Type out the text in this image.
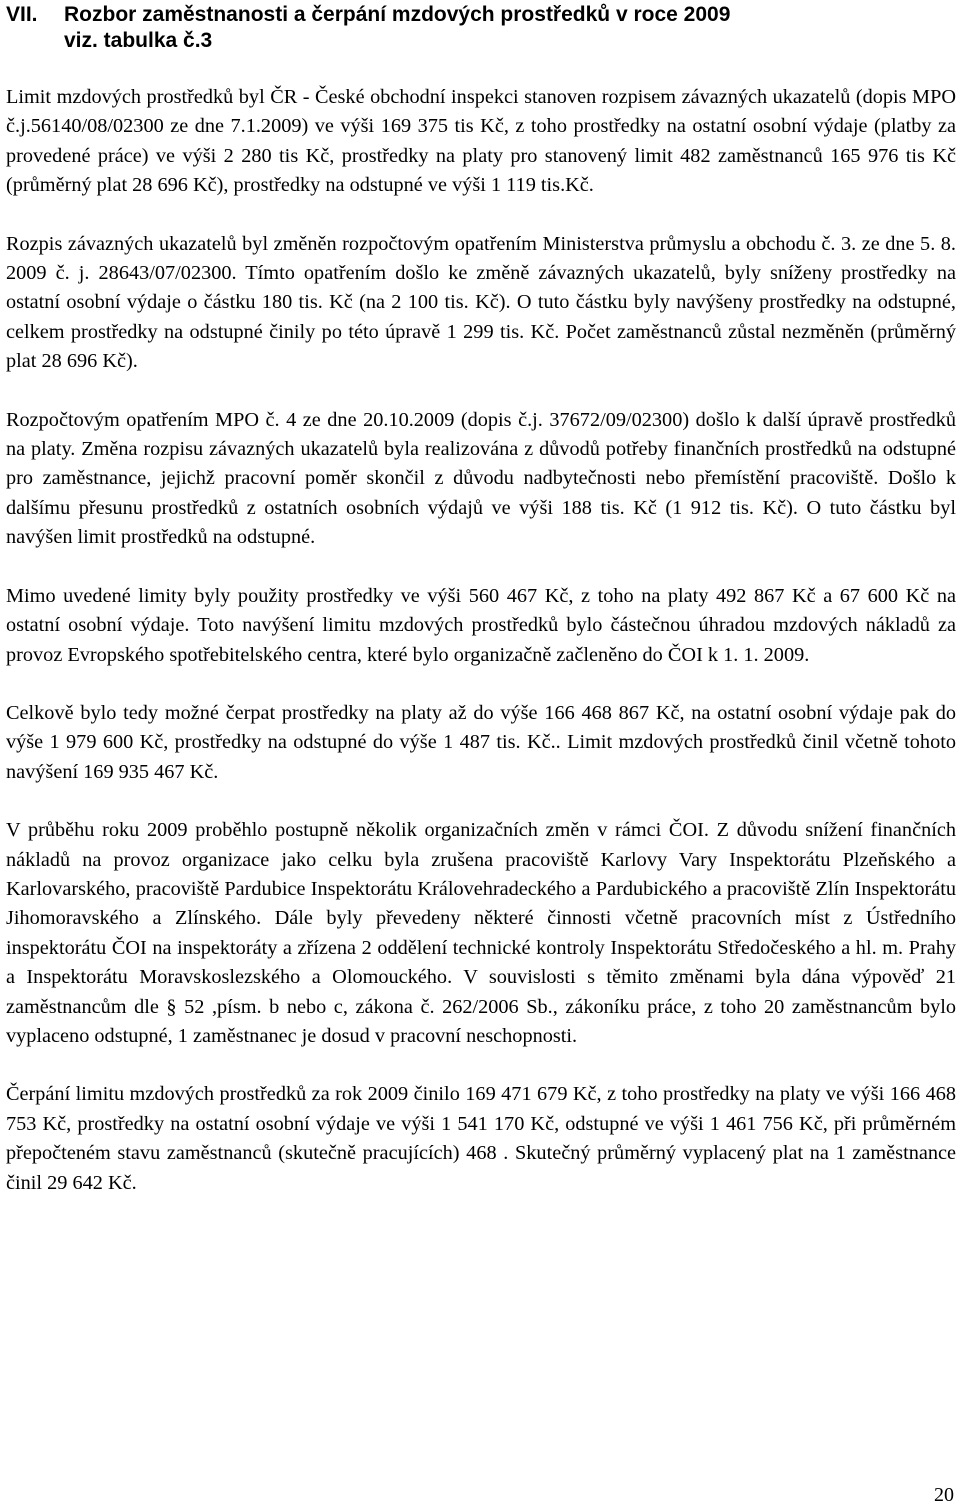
VII. Rozbor zaměstnanosti a čerpání mzdových prostředků v roce 2009
viz. tabulka č.3

Limit mzdových prostředků byl ČR - České obchodní inspekci stanoven rozpisem závazných ukazatelů (dopis MPO č.j.56140/08/02300 ze dne 7.1.2009) ve výši 169 375 tis Kč, z toho prostředky na ostatní osobní výdaje (platby za provedené práce) ve výši 2 280 tis Kč, prostředky na platy pro stanovený limit 482 zaměstnanců 165 976 tis Kč (průměrný plat 28 696 Kč), prostředky na odstupné ve výši 1 119 tis.Kč.

Rozpis závazných ukazatelů byl změněn rozpočtovým opatřením Ministerstva průmyslu a obchodu č. 3. ze dne 5. 8. 2009 č. j. 28643/07/02300. Tímto opatřením došlo ke změně závazných ukazatelů, byly sníženy prostředky na ostatní osobní výdaje o částku 180 tis. Kč (na 2 100 tis. Kč). O tuto částku byly navýšeny prostředky na odstupné, celkem prostředky na odstupné činily po této úpravě 1 299 tis. Kč. Počet zaměstnanců zůstal nezměněn (průměrný plat 28 696 Kč).

Rozpočtovým opatřením MPO č. 4 ze dne 20.10.2009 (dopis č.j. 37672/09/02300) došlo k další úpravě prostředků na platy. Změna rozpisu závazných ukazatelů byla realizována z důvodů potřeby finančních prostředků na odstupné pro zaměstnance, jejichž pracovní poměr skončil z důvodu nadbytečnosti nebo přemístění pracoviště. Došlo k dalšímu přesunu prostředků z ostatních osobních výdajů ve výši 188 tis. Kč (1 912 tis. Kč). O tuto částku byl navýšen limit prostředků na odstupné.

Mimo uvedené limity byly použity prostředky ve výši 560 467 Kč, z toho na platy 492 867 Kč a 67 600 Kč na ostatní osobní výdaje. Toto navýšení limitu mzdových prostředků bylo částečnou úhradou mzdových nákladů za provoz Evropského spotřebitelského centra, které bylo organizačně začleněno do ČOI k 1. 1. 2009.

Celkově bylo tedy možné čerpat prostředky na platy až do výše 166 468 867 Kč, na ostatní osobní výdaje pak do výše 1 979 600 Kč, prostředky na odstupné do výše 1 487 tis. Kč.. Limit mzdových prostředků činil včetně tohoto navýšení 169 935 467 Kč.

V průběhu roku 2009 proběhlo postupně několik organizačních změn v rámci ČOI. Z důvodu snížení finančních nákladů na provoz organizace jako celku byla zrušena pracoviště Karlovy Vary Inspektorátu Plzeňského a Karlovarského, pracoviště Pardubice Inspektorátu Královehradeckého a Pardubického a pracoviště Zlín Inspektorátu Jihomoravského a Zlínského. Dále byly převedeny některé činnosti včetně pracovních míst z Ústředního inspektorátu ČOI na inspektoráty a zřízena 2 oddělení technické kontroly Inspektorátu Středočeského a hl. m. Prahy a Inspektorátu Moravskoslezského a Olomouckého. V souvislosti s těmito změnami byla dána výpověď 21 zaměstnancům dle § 52 ,písm. b nebo c, zákona č. 262/2006 Sb., zákoníku práce, z toho 20 zaměstnancům bylo vyplaceno odstupné, 1 zaměstnanec je dosud v pracovní neschopnosti.

Čerpání limitu mzdových prostředků za rok 2009 činilo 169 471 679 Kč, z toho prostředky na platy ve výši 166 468 753 Kč, prostředky na ostatní osobní výdaje ve výši 1 541 170 Kč, odstupné ve výši 1 461 756 Kč, při průměrném přepočteném stavu zaměstnanců (skutečně pracujících) 468 . Skutečný průměrný vyplacený plat na 1 zaměstnance činil 29 642 Kč.

20
